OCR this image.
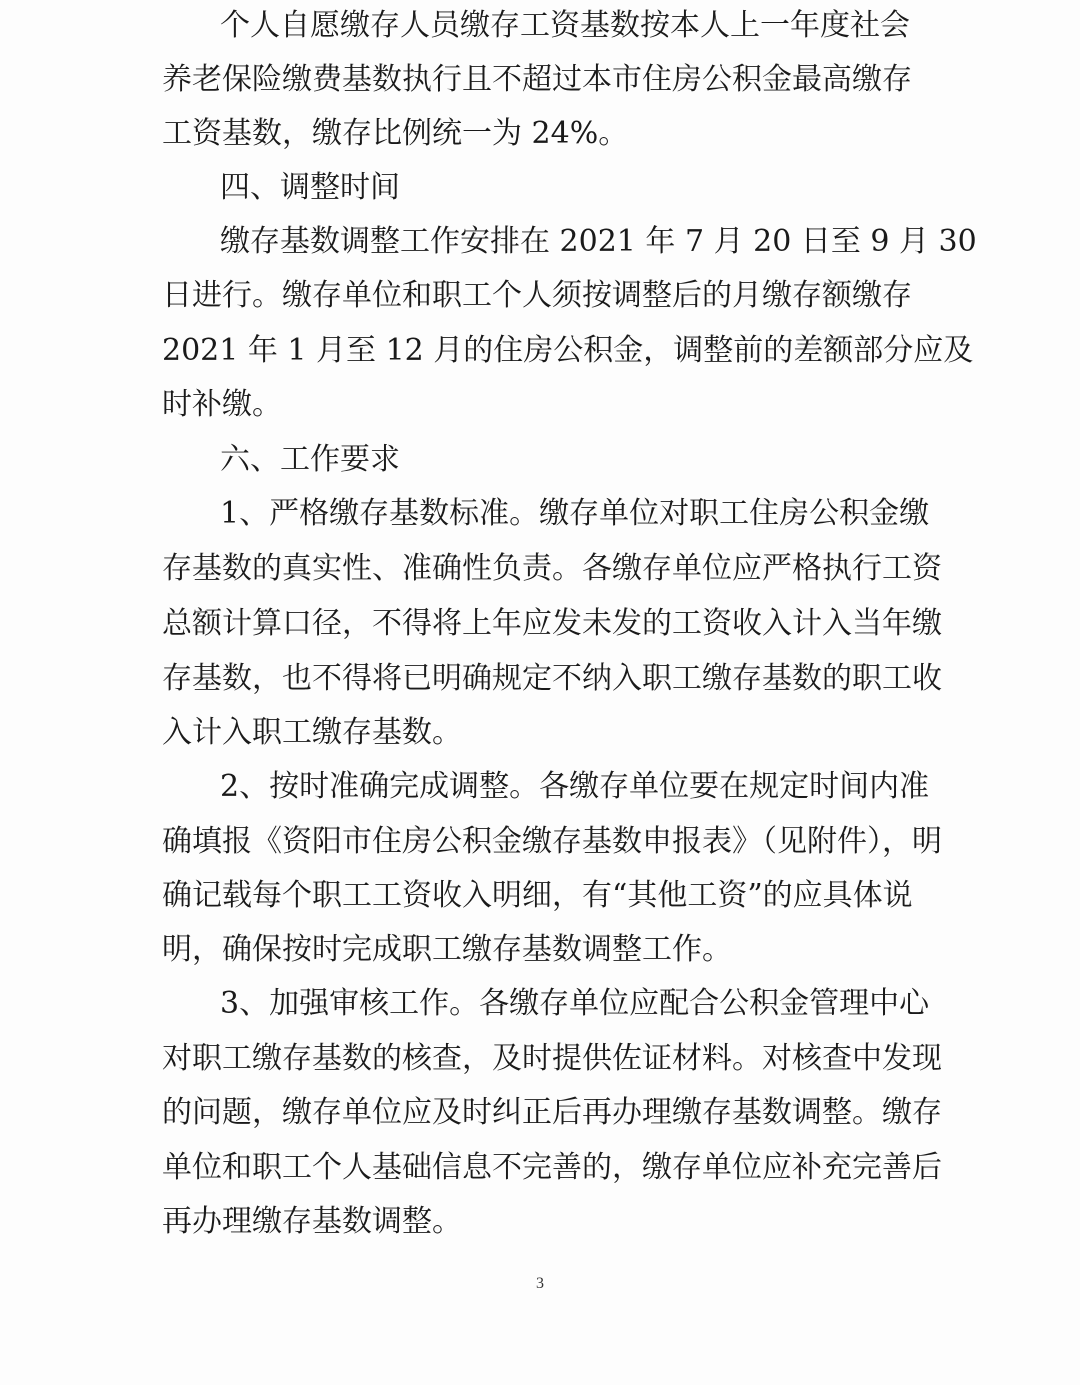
个人自愿缴存人员缴存工资基数按本人上一年度社会
养老保险缴费基数执行且不超过本市住房公积金最高缴存
工资基数，缴存比例统一为 24%。
四、调整时间
缴存基数调整工作安排在 2021 年 7 月 20 日至 9 月 30
日进行。缴存单位和职工个人须按调整后的月缴存额缴存
2021 年 1 月至 12 月的住房公积金，调整前的差额部分应及
时补缴。
六、工作要求
1、严格缴存基数标准。缴存单位对职工住房公积金缴
存基数的真实性、准确性负责。各缴存单位应严格执行工资
总额计算口径，不得将上年应发未发的工资收入计入当年缴
存基数，也不得将已明确规定不纳入职工缴存基数的职工收
入计入职工缴存基数。
2、按时准确完成调整。各缴存单位要在规定时间内准
确填报《资阳市住房公积金缴存基数申报表》（见附件），明
确记载每个职工工资收入明细，有“其他工资”的应具体说
明，确保按时完成职工缴存基数调整工作。
3、加强审核工作。各缴存单位应配合公积金管理中心
对职工缴存基数的核查，及时提供佐证材料。对核查中发现
的问题，缴存单位应及时纠正后再办理缴存基数调整。缴存
单位和职工个人基础信息不完善的，缴存单位应补充完善后
再办理缴存基数调整。
3
